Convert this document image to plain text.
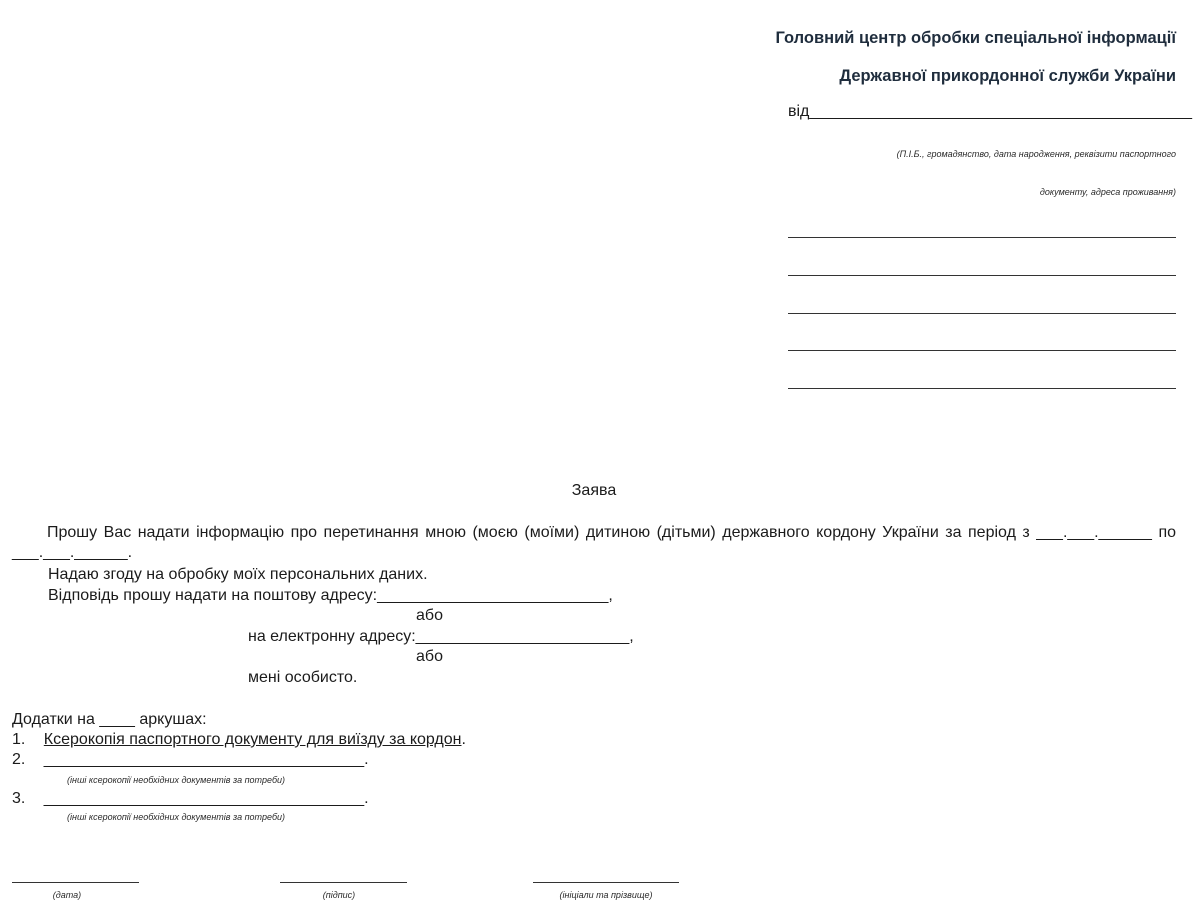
Головний центр обробки спеціальної інформації
Державної прикордонної служби України
від___________________________________________
(П.І.Б., громадянство, дата народження, реквізити паспортного
документу, адреса проживання)
Заява
Прошу Вас надати інформацію про перетинання мною (моєю (моїми) дитиною (дітьми) державного кордону України за період з ___.___.______ по ___.___.______.
Надаю згоду на обробку моїх персональних даних.
Відповідь прошу надати на поштову адресу:__________________________,
або
на електронну адресу:________________________,
або
мені особисто.
Додатки на ____ аркушах:
1. Ксерокопія паспортного документу для виїзду за кордон.
2. ____________________________________.
(інші ксерокопії необхідних документів за потреби)
3. ____________________________________.
(інші ксерокопії необхідних документів за потреби)
(дата)	(підпис)	(ініціали та прізвище)
